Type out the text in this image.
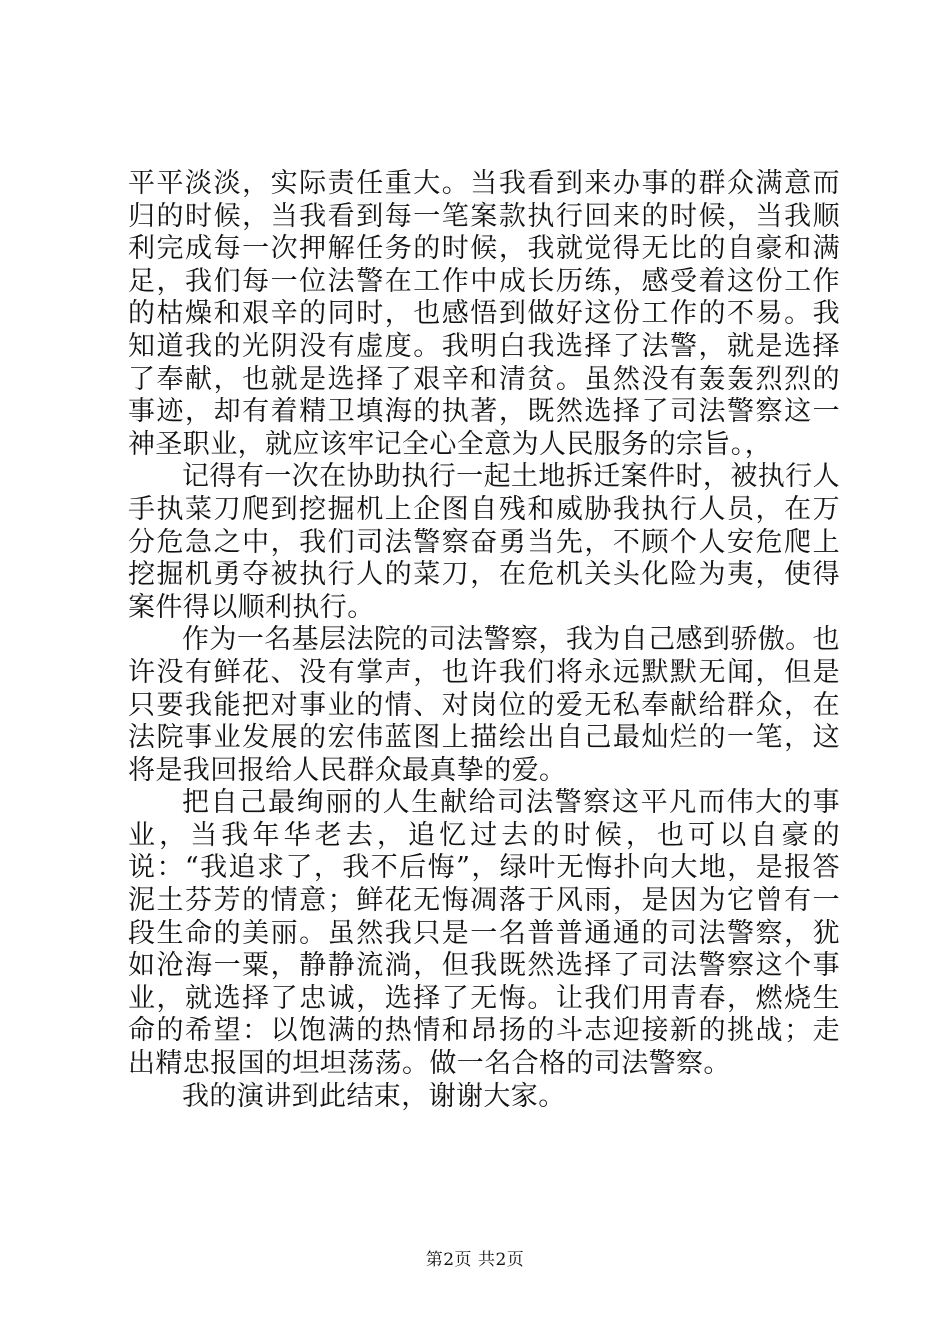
平平淡淡，实际责任重大。当我看到来办事的群众满意而归的时候，当我看到每一笔案款执行回来的时候，当我顺利完成每一次押解任务的时候，我就觉得无比的自豪和满足，我们每一位法警在工作中成长历练，感受着这份工作的枯燥和艰辛的同时，也感悟到做好这份工作的不易。我知道我的光阴没有虚度。我明白我选择了法警，就是选择了奉献，也就是选择了艰辛和清贫。虽然没有轰轰烈烈的事迹，却有着精卫填海的执著，既然选择了司法警察这一神圣职业，就应该牢记全心全意为人民服务的宗旨。，

记得有一次在协助执行一起土地拆迁案件时，被执行人手执菜刀爬到挖掘机上企图自残和威胁我执行人员，在万分危急之中，我们司法警察奋勇当先，不顾个人安危爬上挖掘机勇夺被执行人的菜刀，在危机关头化险为夷，使得案件得以顺利执行。

作为一名基层法院的司法警察，我为自己感到骄傲。也许没有鲜花、没有掌声，也许我们将永远默默无闻，但是只要我能把对事业的情、对岗位的爱无私奉献给群众，在法院事业发展的宏伟蓝图上描绘出自己最灿烂的一笔，这将是我回报给人民群众最真挚的爱。

把自己最绚丽的人生献给司法警察这平凡而伟大的事业，当我年华老去，追忆过去的时候，也可以自豪的说：“我追求了，我不后悔”，绿叶无悔扑向大地，是报答泥土芬芳的情意；鲜花无悔凋落于风雨，是因为它曾有一段生命的美丽。虽然我只是一名普普通通的司法警察，犹如沧海一粟，静静流淌，但我既然选择了司法警察这个事业，就选择了忠诚，选择了无悔。让我们用青春，燃烧生命的希望：以饱满的热情和昂扬的斗志迎接新的挑战；走出精忠报国的坦坦荡荡。做一名合格的司法警察。

我的演讲到此结束，谢谢大家。

第2页 共2页
